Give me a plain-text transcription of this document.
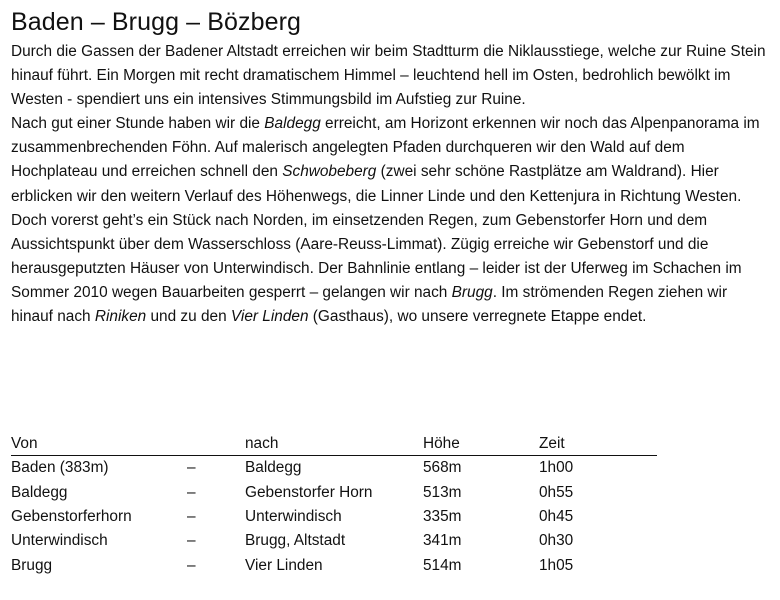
Baden – Brugg – Bözberg

Durch die Gassen der Badener Altstadt erreichen wir beim Stadtturm die Niklausstiege, welche zur Ruine Stein hinauf führt. Ein Morgen mit recht dramatischem Himmel – leuchtend hell im Osten, bedrohlich bewölkt im Westen - spendiert uns ein intensives Stimmungsbild im Aufstieg zur Ruine.

Nach gut einer Stunde haben wir die Baldegg erreicht, am Horizont erkennen wir noch das Alpenpanorama im zusammenbrechenden Föhn. Auf malerisch angelegten Pfaden durchqueren wir den Wald auf dem Hochplateau und erreichen schnell den Schwobeberg (zwei sehr schöne Rastplätze am Waldrand). Hier erblicken wir den weitern Verlauf des Höhenwegs, die Linner Linde und den Kettenjura in Richtung Westen. Doch vorerst geht’s ein Stück nach Norden, im einsetzenden Regen, zum Gebenstorfer Horn und dem Aussichtspunkt über dem Wasserschloss (Aare-Reuss-Limmat). Zügig erreiche wir Gebenstorf und die herausgeputzten Häuser von Unterwindisch. Der Bahnlinie entlang – leider ist der Uferweg im Schachen im Sommer 2010 wegen Bauarbeiten gesperrt – gelangen wir nach Brugg. Im strömenden Regen ziehen wir hinauf nach Riniken und zu den Vier Linden (Gasthaus), wo unsere verregnete Etappe endet.

Von		nach	Höhe	Zeit
Baden (383m)	–	Baldegg	568m	1h00
Baldegg	–	Gebenstorfer Horn	513m	0h55
Gebenstorferhorn	–	Unterwindisch	335m	0h45
Unterwindisch	–	Brugg, Altstadt	341m	0h30
Brugg	–	Vier Linden	514m	1h05
